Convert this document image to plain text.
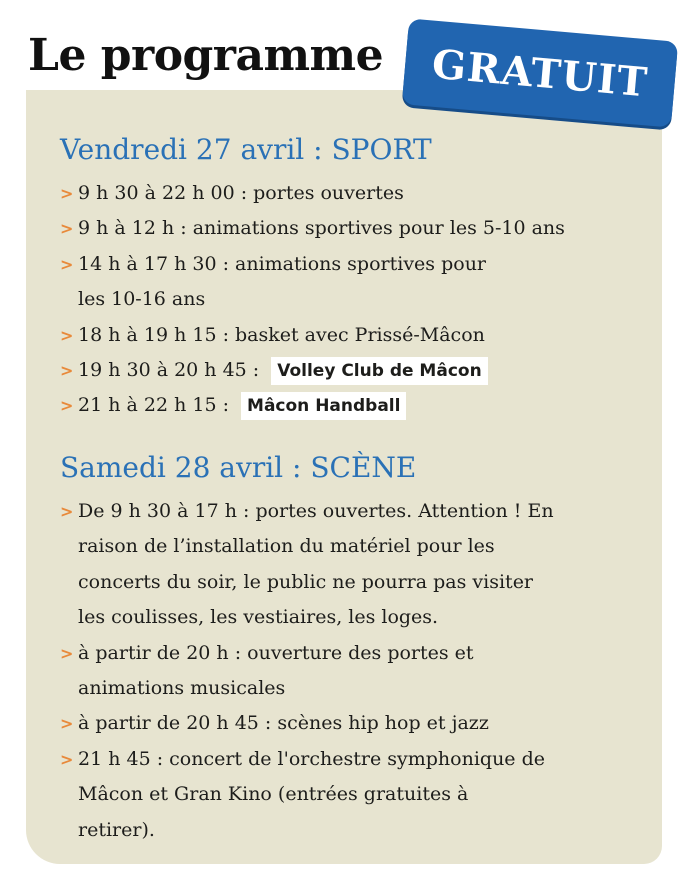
Le programme GRATUIT
Vendredi 27 avril : SPORT
> 9 h 30 à 22 h 00 : portes ouvertes
> 9 h à 12 h : animations sportives pour les 5-10 ans
> 14 h à 17 h 30 : animations sportives pour
les 10-16 ans
> 18 h à 19 h 15 : basket avec Prissé-Mâcon
> 19 h 30 à 20 h 45 : Volley Club de Mâcon
> 21 h à 22 h 15 : Mâcon Handball
Samedi 28 avril : SCÈNE
> De 9 h 30 à 17 h : portes ouvertes. Attention ! En
raison de l’installation du matériel pour les
concerts du soir, le public ne pourra pas visiter
les coulisses, les vestiaires, les loges.
> à partir de 20 h : ouverture des portes et
animations musicales
> à partir de 20 h 45 : scènes hip hop et jazz
> 21 h 45 : concert de l'orchestre symphonique de
Mâcon et Gran Kino (entrées gratuites à
retirer).
